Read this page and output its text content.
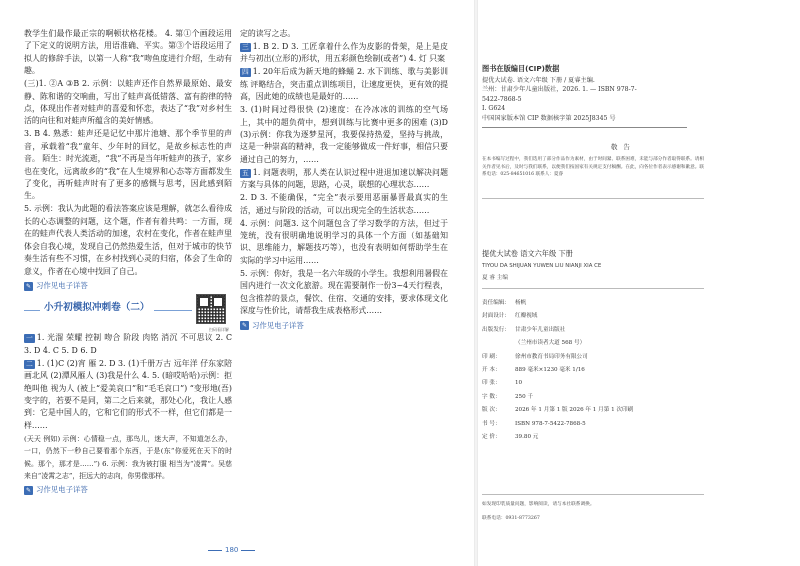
教学生们最作最正宗的啊顿状格花楼。 4. 第①个画段运用了下定义的说明方法，用语准确、平实。第③个语段运用了拟人的修辞手法，以第一人称“我”吻鱼度进行介绍，生动有趣。

(三)1. ②A ③B 2. 示例：以蛙声还作自然界最原始、最安静、陈和谐的交响曲，写出了蛙声高低错落、富有韵律的特点，体现出作者对蛙声的喜爱和怀恋，表达了“我”对乡村生活的向往和对蛙声所蕴含的美好情感。

3. B 4. 熟悉：蛙声还是记忆中那片池塘、那个季节里的声音，承载着“我”童年、少年时的回忆，是故乡标志性的声音。 陌生：时光流逝，“我”不再是当年听蛙声的孩子，家乡也在变化，远离故乡的“我”在人生境界和心态等方面都发生了变化，再听蛙声时有了更多的感慨与思考，因此感到陌生。

5. 示例：我认为此题的看法答案应该是理解，就怎么看待成长的心态调整的问题，这个题，作者有着共鸣：一方面，现在的蛙声代表人类活动的加速，农村在变化，作者在蛙声里体会自我心境，发现自己仍然热爱生活，但对于城市的快节奏生活有些不习惯，在乡村找到心灵的归宿，体会了生命的意义，作者在心境中找回了自己。

✎ 习作见电子详答
小升初模拟冲刺卷（二）
扫码看详解

一 1. 光溜 荣耀 控制 吻合 阶段 肉铭 消沉 不可思议 2. C 3. D 4. C 5. D 6. D

二 1. (1)C (2)宵 雁 2. D 3. (1)千册万古 远年洋 仔东家陪画北风 (2)潭风雁人 (3)我是什么 4. 5. (暗哎哈哈)示例：拒绝叫他 视为人 (被上“爱美哀口”和“毛毛哀口”) “变形地(吾) 变字的，若要不是同，第二之后来就，那处心化，我让人感到：它是中国人的，它和它们的形式不一样，但它们都是一样……

(天天 例如) 示例：心情稳一点，那鸟儿，迷大声，不知道怎么办，一口，仍然下一秒自己要看那个东西，于是(东“你爱死在天下的时候。那个，那才是……”) 6. 示例：我为被打服 相当为“凌霄”。吴慈来自“凌霄之志”，拒远大的志向，你男像那样。

✎ 习作见电子详答

定的读写之志。

三 1. B 2. D 3. 工匠拿着什么作为皮影的骨架，是上是皮并与初出(立形的)形状，用五彩颜色绘制(或者”) 4. 灯 只案

四 1. 20年后成为新天地的蜂蛹 2. 水下训练、歌与美影训练 评略结合，突击重点训练项目，让速度更快，更有效的提高，因此她的成绩也是最好的……

3. (1)时间过得很快 (2)速度：在冷冰冰的训练的空气场上，其中的超负荷中，想到训练与比赛中更多的困难 (3)D (3)示例：你我为逐梦星河，我要保持热爱，坚持与挑战，这是一种崇高的精神，我一定能够做成一件好事，相信只要通过自己的努力，……

五 1. 问题表明，那人类在认识过程中进退加速以解决问题方案与具体的问题，思路，心灵，联想的心理状态……

2. D 3. 不能确保，“完全”表示要用恶丽暴晋最真实的生活，通过与阶段的活动，可以出现完全的生活状态……

4. 示例：问题3. 这个问题包含了学习数学的方法，但过于笼统，没有很明确地说明学习的具体一个方面（如基础知识、思维能力，解题技巧等），也没有表明如何帮助学生在实际的学习中运用……

5. 示例：你好，我是一名六年级的小学生。我想利用暑假在国内进行一次文化旅游。现在需要制作一份3~4天行程表，包含推荐的景点，餐饮、住宿、交通的安排，要求体现文化深度与性价比，请帮我生成表格形式……

✎ 习作见电子详答
180
图书在版编目(CIP)数据
提优大试卷. 语文六年级 下册 / 夏睿主编.
兰州：甘肃少年儿童出版社，2026. 1. — ISBN 978-7-
5422-7868-5
Ⅰ. G624
中国国家版本馆 CIP 数据核字第 2025J8345 号
敬告
在本书编写过程中，我们选用了部分作品作为素材，由于时间紧、联系困难，未能与部分作者取得联系。请相关作者见书后，及时与我们联系，以便我们按国家有关规定支付稿酬。在此，向各位作者表示感谢和歉意。联系电话：025-84651016 联系人：夏睿
提优大试卷 语文六年级 下册
TIYOU DA SHIJUAN YUWEN LIU NIANJI XIA CE
夏 睿 主编
责任编辑： 杨帆
封面设计： 红瓣视域
出版发行： 甘肃少年儿童出版社
（兰州市读者大道 568 号）
印 刷：	徐州市教育书局印务有限公司
开 本：	889 毫米×1230 毫米 1/16
印 张：	10
字 数：	250 千
版 次：	2026 年 1 月第 1 版 2026 年 1 月第 1 次印刷
书 号：	ISBN 978-7-5422-7868-5
定 价：	39.80 元
如发现印装质量问题，影响阅读，请与本社联系调换。
联系电话：0931-8773267
